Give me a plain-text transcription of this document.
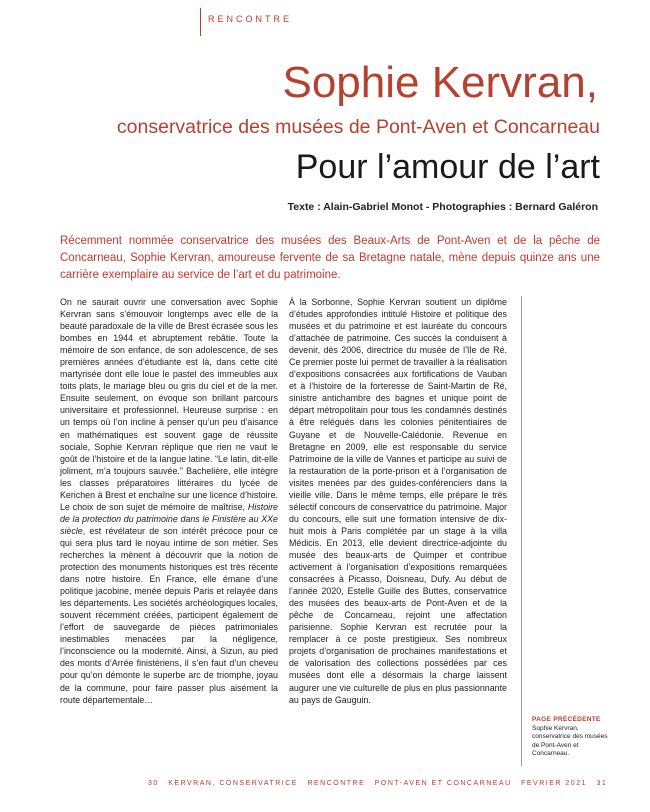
RENCONTRE
Sophie Kervran,
conservatrice des musées de Pont-Aven et Concarneau
Pour l’amour de l’art
Texte : Alain-Gabriel Monot - Photographies : Bernard Galéron
Récemment nommée conservatrice des musées des Beaux-Arts de Pont-Aven et de la pêche de Concarneau, Sophie Kervran, amoureuse fervente de sa Bretagne natale, mène depuis quinze ans une carrière exemplaire au service de l’art et du patrimoine.

On ne saurait ouvrir une conversation avec Sophie Kervran sans s’émouvoir longtemps avec elle de la beauté paradoxale de la ville de Brest écrasée sous les bombes en 1944 et abruptement rebâtie. Toute la mémoire de son enfance, de son adolescence, de ses premières années d’étudiante est là, dans cette cité martyrisée dont elle loue le pastel des immeubles aux toits plats, le mariage bleu ou gris du ciel et de la mer. Ensuite seulement, on évoque son brillant parcours universitaire et professionnel. Heureuse surprise : en un temps où l’on incline à penser qu’un peu d’aisance en mathématiques est souvent gage de réussite sociale, Sophie Kervran réplique que rien ne vaut le goût de l’histoire et de la langue latine. “Le latin, dit-elle joliment, m’a toujours sauvée.” Bachelière, elle intègre les classes préparatoires littéraires du lycée de Kerichen à Brest et enchaîne sur une licence d’histoire. Le choix de son sujet de mémoire de maîtrise, Histoire de la protection du patrimoine dans le Finistère au XXe siècle, est révélateur de son intérêt précoce pour ce qui sera plus tard le noyau intime de son métier. Ses recherches la mènent à découvrir que la notion de protection des monuments historiques est très récente dans notre histoire. En France, elle émane d’une politique jacobine, menée depuis Paris et relayée dans les départements. Les sociétés archéologiques locales, souvent récemment créées, participent également de l’effort de sauvegarde de pièces patrimoniales inestimables menacées par la négligence, l’inconscience ou la modernité. Ainsi, à Sizun, au pied des monts d’Arrée finistériens, il s’en faut d’un cheveu pour qu’on démonte le superbe arc de triomphe, joyau de la commune, pour faire passer plus aisément la route départementale…

À la Sorbonne, Sophie Kervran soutient un diplôme d’études approfondies intitulé Histoire et politique des musées et du patrimoine et est lauréate du concours d’attachée de patrimoine. Ces succès la conduisent à devenir, dès 2006, directrice du musée de l’île de Ré. Ce premier poste lui permet de travailler à la réalisation d’expositions consacrées aux fortifications de Vauban et à l’histoire de la forteresse de Saint-Martin de Ré, sinistre antichambre des bagnes et unique point de départ métropolitain pour tous les condamnés destinés à être relégués dans les colonies pénitentiaires de Guyane et de Nouvelle-Calédonie. Revenue en Bretagne en 2009, elle est responsable du service Patrimoine de la ville de Vannes et participe au suivi de la restauration de la porte-prison et à l’organisation de visites menées par des guides-conférenciers dans la vieille ville. Dans le même temps, elle prépare le très sélectif concours de conservatrice du patrimoine. Major du concours, elle suit une formation intensive de dix-huit mois à Paris complétée par un stage à la villa Médicis. En 2013, elle devient directrice-adjointe du musée des beaux-arts de Quimper et contribue activement à l’organisation d’expositions remarquées consacrées à Picasso, Doisneau, Dufy. Au début de l’année 2020, Estelle Guille des Buttes, conservatrice des musées des beaux-arts de Pont-Aven et de la pêche de Concarneau, rejoint une affectation parisienne. Sophie Kervran est recrutée pour la remplacer à ce poste prestigieux. Ses nombreux projets d’organisation de prochaines manifestations et de valorisation des collections possédées par ces musées dont elle a désormais la charge laissent augurer une vie culturelle de plus en plus passionnante au pays de Gauguin.

PAGE PRÉCÉDENTE
Sophie Kervran, conservatrice des musées de Pont-Aven et Concarneau.
30 KERVRAN, CONSERVATRICE RENCONTRE PONT-AVEN ET CONCARNEAU FÉVRIER 2021 31
